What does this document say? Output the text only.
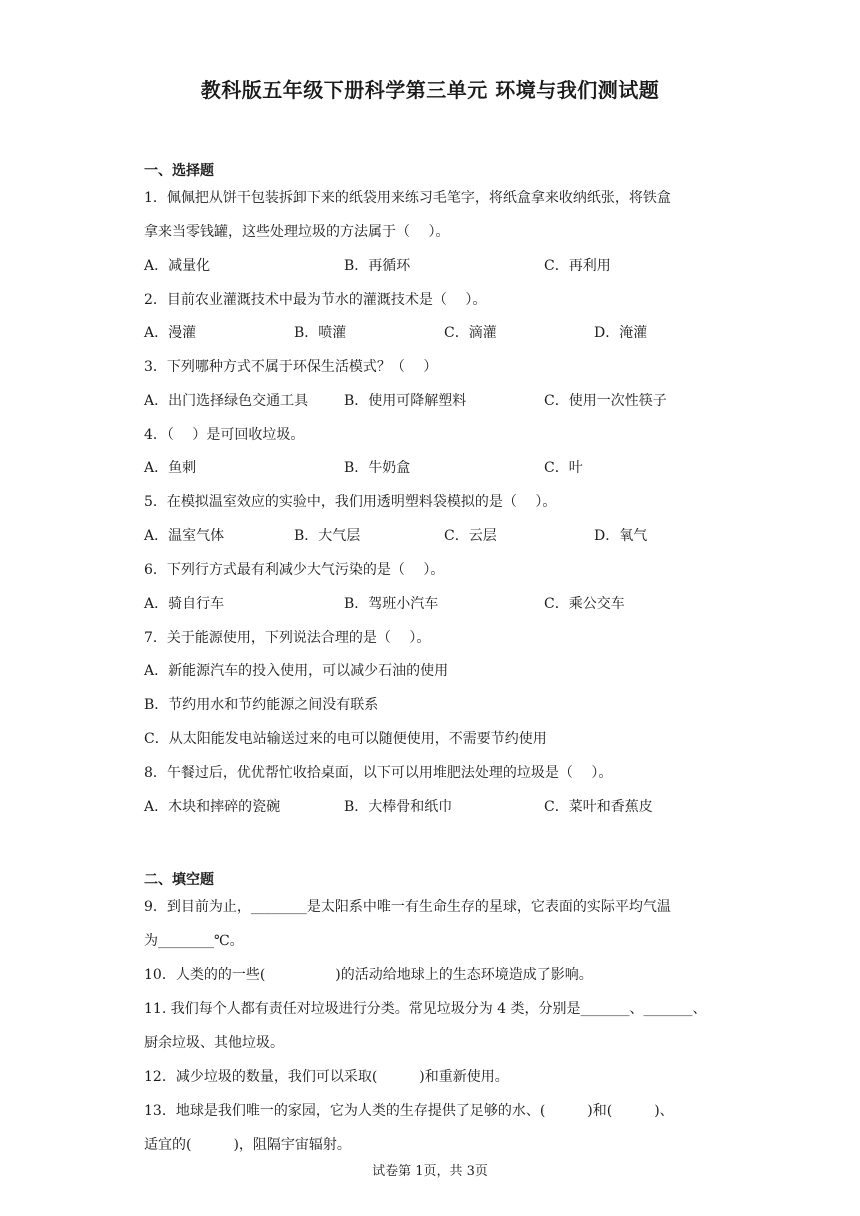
教科版五年级下册科学第三单元 环境与我们测试题
一、选择题
1．佩佩把从饼干包装拆卸下来的纸袋用来练习毛笔字，将纸盒拿来收纳纸张，将铁盒
拿来当零钱罐，这些处理垃圾的方法属于（　 ）。
A．减量化	B．再循环	C．再利用
2．目前农业灌溉技术中最为节水的灌溉技术是（　 ）。
A．漫灌	B．喷灌	C．滴灌	D．淹灌
3．下列哪种方式不属于环保生活模式？（　 ）
A．出门选择绿色交通工具	B．使用可降解塑料	C．使用一次性筷子
4．（　 ）是可回收垃圾。
A．鱼刺	B．牛奶盒	C．叶
5．在模拟温室效应的实验中，我们用透明塑料袋模拟的是（　 ）。
A．温室气体	B．大气层	C．云层	D．氧气
6．下列行方式最有利减少大气污染的是（　 ）。
A．骑自行车	B．驾班小汽车	C．乘公交车
7．关于能源使用，下列说法合理的是（　 ）。
A．新能源汽车的投入使用，可以减少石油的使用
B．节约用水和节约能源之间没有联系
C．从太阳能发电站输送过来的电可以随便使用，不需要节约使用
8．午餐过后，优优帮忙收拾桌面，以下可以用堆肥法处理的垃圾是（　 ）。
A．木块和摔碎的瓷碗	B．大棒骨和纸巾	C．菜叶和香蕉皮
二、填空题
9．到目前为止，________是太阳系中唯一有生命生存的星球，它表面的实际平均气温
为________℃。
10．人类的的一些(　　　　　)的活动给地球上的生态环境造成了影响。
11. 我们每个人都有责任对垃圾进行分类。常见垃圾分为 4 类，分别是_______、_______、
厨余垃圾、其他垃圾。
12．减少垃圾的数量，我们可以采取(　　　)和重新使用。
13．地球是我们唯一的家园，它为人类的生存提供了足够的水、(　　　)和(　　　)、
适宜的(　　　)，阻隔宇宙辐射。
试卷第 1页，共 3页
